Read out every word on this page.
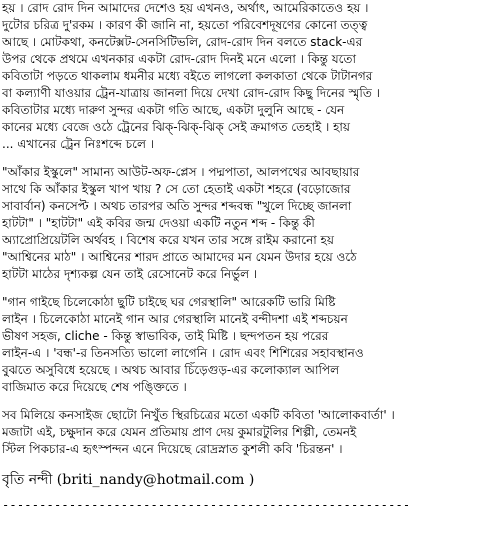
হয় । রোদ রোদ দিন আমাদের দেশেও হয় এখনও, অর্থাৎ, আমেরিকাতেও হয় ।
দুটোর চরিত্র দু'রকম । কারণ কী জানি না, হয়তো পরিবেশদূষণের কোনো তত্ত্ব
আছে । মোটকথা, কনটেক্সট-সেনসিটিভলি, রোদ-রোদ দিন বলতে stack-এর
উপর থেকে প্রথমে এখনকার একটা রোদ-রোদ দিনই মনে এলো । কিন্তু যতো
কবিতাটা পড়তে থাকলাম ধমনীর মধ্যে বইতে লাগলো কলকাতা থেকে টাটানগর
বা কল্যাণী যাওয়ার ট্রেন-যাত্রায় জানলা দিয়ে দেখা রোদ-রোদ কিছু দিনের স্মৃতি ।
কবিতাটার মধ্যে দারুণ সুন্দর একটা গতি আছে, একটা দুলুনি আছে - যেন
কানের মধ্যে বেজে ওঠে ট্রেনের ঝিক্-ঝিক্-ঝিক্ সেই ক্রমাগত তেহাই । হায়
... এখানের ট্রেন নিঃশব্দে চলে ।
"আঁকার ইস্কুলে" সামান্য আউট-অফ-প্লেস । পদ্মপাতা, আলপথের আবছায়ার
সাথে কি আঁকার ইস্কুল খাপ খায় ? সে তো হেতাই একটা শহরে (বড়োজোর
সাবার্বান) কনসেপ্ট । অথচ তারপর অতি সুন্দর শব্দবন্ধ "খুলে দিচ্ছে জানলা
হাটটা" । "হাটটা" এই কবির জন্ম দেওয়া একটি নতুন শব্দ - কিন্তু কী
অ্যাপ্রোপ্রিয়েটলি অর্থবহ । বিশেষ করে যখন তার সঙ্গে রাইম করানো হয়
"আশ্বিনের মাঠ" । আশ্বিনের শারদ প্রাতে আমাদের মন যেমন উদার হয়ে ওঠে
হাটটা মাঠের দৃশ্যকল্প যেন তাই রেসোনেট করে নির্ভুল ।
"গান গাইছে চিলেকোঠা ছুটি চাইছে ঘর গেরস্থালি" আরেকটি ভারি মিষ্টি
লাইন । চিলেকোঠা মানেই গান আর গেরস্থালি মানেই বন্দীদশা এই শব্দচয়ন
ভীষণ সহজ, cliche - কিন্তু স্বাভাবিক, তাই মিষ্টি । ছন্দপতন হয় পরের
লাইন-এ । 'বন্ধ'-র তিনসত্যি ভালো লাগেনি । রোদ এবং শিশিরের সহাবস্থানও
বুঝতে অসুবিধে হয়েছে । অথচ আবার চিঁড়েগুড়-এর কলোক্যাল আপিল
বাজিমাত করে দিয়েছে শেষ পঙ্ক্তিতে ।
সব মিলিয়ে কনসাইজ ছোটো নিখুঁত স্থিরচিত্রের মতো একটি কবিতা 'আলোকবার্তা' ।
মজাটা এই, চক্ষুদান করে যেমন প্রতিমায় প্রাণ দেয় কুমারটুলির শিল্পী, তেমনই
স্টিল পিকচার-এ হৃৎস্পন্দন এনে দিয়েছে রোদ্রস্নাত কুশলী কবি 'চিরন্তন' ।
বৃতি নন্দী (briti_nandy@hotmail.com )
-------------------------------------------------------
